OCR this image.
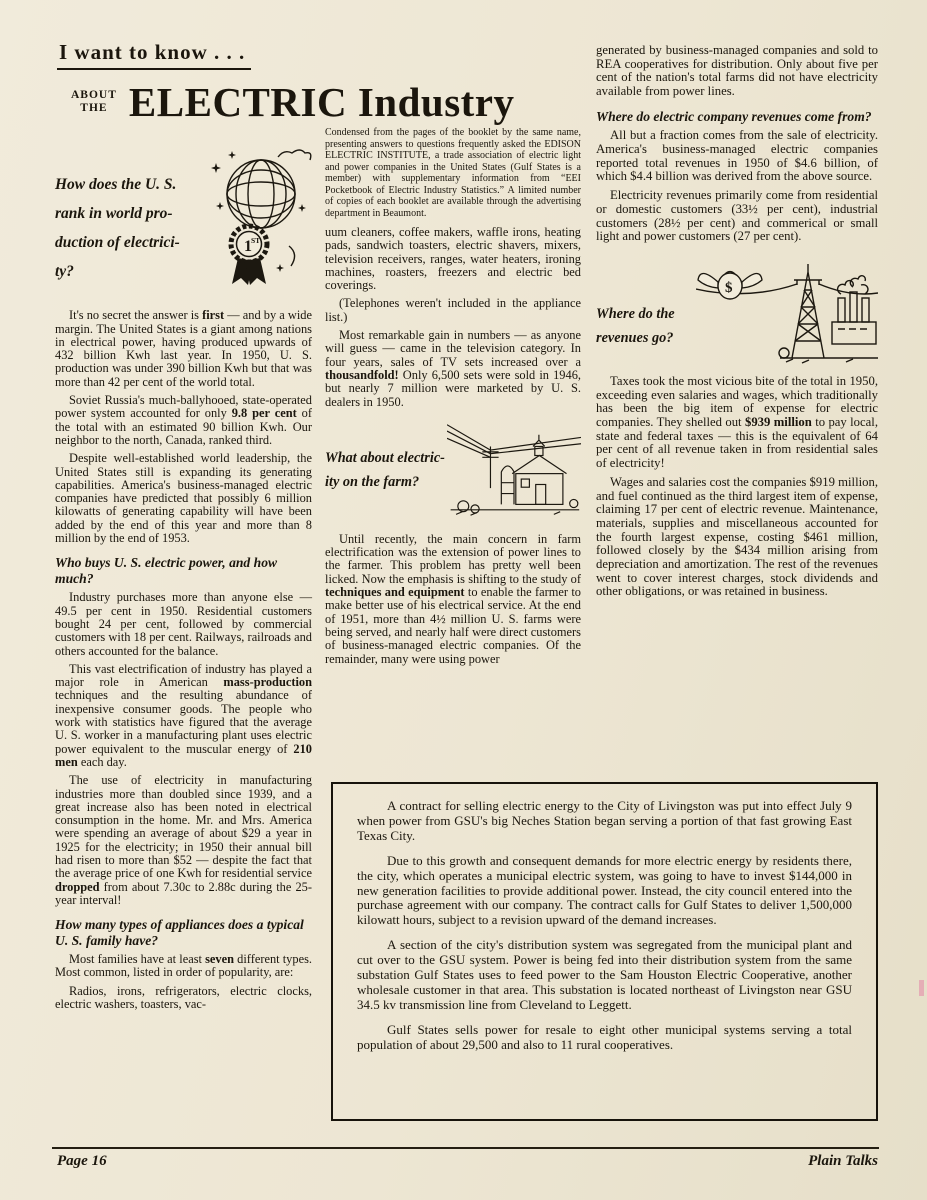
I want to know . . .
ABOUT
THE ELECTRIC Industry
How does the U. S.
rank in world pro-
duction of electrici-
ty?
1 ST

It's no secret the answer is first — and by a wide margin. The United States is a giant among nations in electrical power, having produced upwards of 432 billion Kwh last year. In 1950, U. S. production was under 390 billion Kwh but that was more than 42 per cent of the world total.

Soviet Russia's much-ballyhooed, state-operated power system accounted for only 9.8 per cent of the total with an estimated 90 billion Kwh. Our neighbor to the north, Canada, ranked third.

Despite well-established world leadership, the United States still is expanding its generating capabilities. America's business-managed electric companies have predicted that possibly 6 million kilowatts of generating capability will have been added by the end of this year and more than 8 million by the end of 1953.

Who buys U. S. electric power, and how much?

Industry purchases more than anyone else — 49.5 per cent in 1950. Residential customers bought 24 per cent, followed by commercial customers with 18 per cent. Railways, railroads and others accounted for the balance.

This vast electrification of industry has played a major role in American mass-production techniques and the resulting abundance of inexpensive consumer goods. The people who work with statistics have figured that the average U. S. worker in a manufacturing plant uses electric power equivalent to the muscular energy of 210 men each day.

The use of electricity in manufacturing industries more than doubled since 1939, and a great increase also has been noted in electrical consumption in the home. Mr. and Mrs. America were spending an average of about $29 a year in 1925 for the electricity; in 1950 their annual bill had risen to more than $52 — despite the fact that the average price of one Kwh for residential service dropped from about 7.30c to 2.88c during the 25-year interval!

How many types of appliances does a typical U. S. family have?

Most families have at least seven different types. Most common, listed in order of popularity, are:

Radios, irons, refrigerators, electric clocks, electric washers, toasters, vac-

Condensed from the pages of the booklet by the same name, presenting answers to questions frequently asked the EDISON ELECTRIC INSTITUTE, a trade association of electric light and power companies in the United States (Gulf States is a member) with supplementary information from “EEI Pocketbook of Electric Industry Statistics.” A limited number of copies of each booklet are available through the advertising department in Beaumont.

uum cleaners, coffee makers, waffle irons, heating pads, sandwich toasters, electric shavers, mixers, television receivers, ranges, water heaters, ironing machines, roasters, freezers and electric bed coverings.

(Telephones weren't included in the appliance list.)

Most remarkable gain in numbers — as anyone will guess — came in the television category. In four years, sales of TV sets increased over a thousandfold! Only 6,500 sets were sold in 1946, but nearly 7 million were marketed by U. S. dealers in 1950.

What about electric-
ity on the farm?

Until recently, the main concern in farm electrification was the extension of power lines to the farmer. This problem has pretty well been licked. Now the emphasis is shifting to the study of techniques and equipment to enable the farmer to make better use of his electrical service. At the end of 1951, more than 4½ million U. S. farms were being served, and nearly half were direct customers of business-managed electric companies. Of the remainder, many were using power

generated by business-managed companies and sold to REA cooperatives for distribution. Only about five per cent of the nation's total farms did not have electricity available from power lines.

Where do electric company revenues come from?

All but a fraction comes from the sale of electricity. America's business-managed electric companies reported total revenues in 1950 of $4.6 billion, of which $4.4 billion was derived from the above source.

Electricity revenues primarily come from residential or domestic customers (33½ per cent), industrial customers (28½ per cent) and commerical or small light and power customers (27 per cent).

Where do the
revenues go?
$

Taxes took the most vicious bite of the total in 1950, exceeding even salaries and wages, which traditionally has been the big item of expense for electric companies. They shelled out $939 million to pay local, state and federal taxes — this is the equivalent of 64 per cent of all revenue taken in from residential sales of electricity!

Wages and salaries cost the companies $919 million, and fuel continued as the third largest item of expense, claiming 17 per cent of electric revenue. Maintenance, materials, supplies and miscellaneous accounted for the fourth largest expense, costing $461 million, followed closely by the $434 million arising from depreciation and amortization. The rest of the revenues went to cover interest charges, stock dividends and other obligations, or was retained in business.

A contract for selling electric energy to the City of Livingston was put into effect July 9 when power from GSU's big Neches Station began serving a portion of that fast growing East Texas City.

Due to this growth and consequent demands for more electric energy by residents there, the city, which operates a municipal electric system, was going to have to invest $144,000 in new generation facilities to provide additional power. Instead, the city council entered into the purchase agreement with our company. The contract calls for Gulf States to deliver 1,500,000 kilowatt hours, subject to a revision upward of the demand increases.

A section of the city's distribution system was segregated from the municipal plant and cut over to the GSU system. Power is being fed into their distribution system from the same substation Gulf States uses to feed power to the Sam Houston Electric Cooperative, another wholesale customer in that area. This substation is located northeast of Livingston near GSU 34.5 kv transmission line from Cleveland to Leggett.

Gulf States sells power for resale to eight other municipal systems serving a total population of about 29,500 and also to 11 rural cooperatives.

Page 16	Plain Talks
